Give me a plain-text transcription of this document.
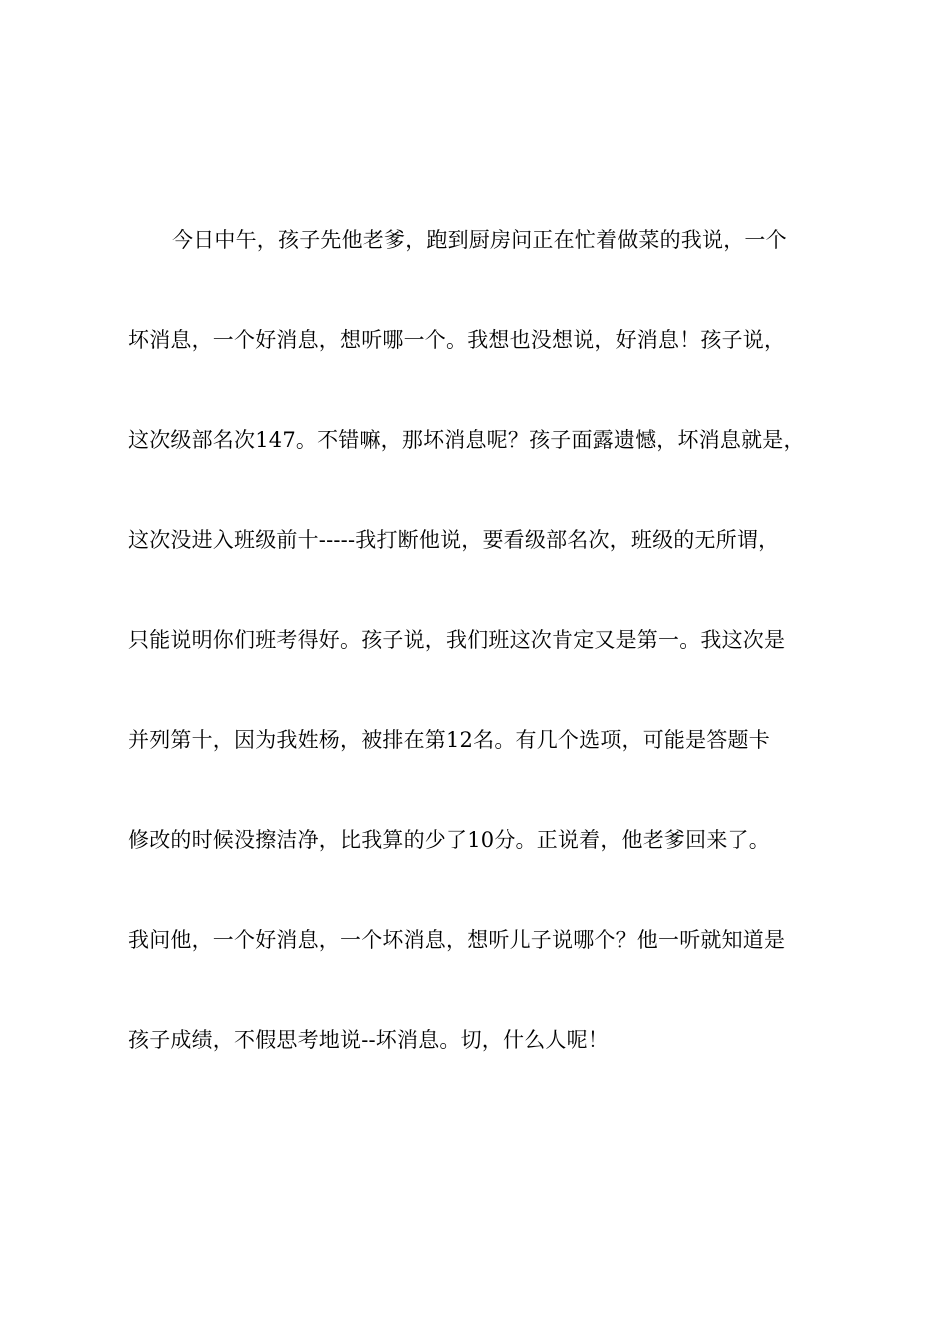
今日中午，孩子先他老爹，跑到厨房问正在忙着做菜的我说，一个
坏消息，一个好消息，想听哪一个。我想也没想说，好消息！孩子说，
这次级部名次147。不错嘛，那坏消息呢？孩子面露遗憾，坏消息就是，
这次没进入班级前十-----我打断他说，要看级部名次，班级的无所谓，
只能说明你们班考得好。孩子说，我们班这次肯定又是第一。我这次是
并列第十，因为我姓杨，被排在第12名。有几个选项，可能是答题卡
修改的时候没擦洁净，比我算的少了10分。正说着，他老爹回来了。
我问他，一个好消息，一个坏消息，想听儿子说哪个？他一听就知道是
孩子成绩，不假思考地说--坏消息。切，什么人呢！
